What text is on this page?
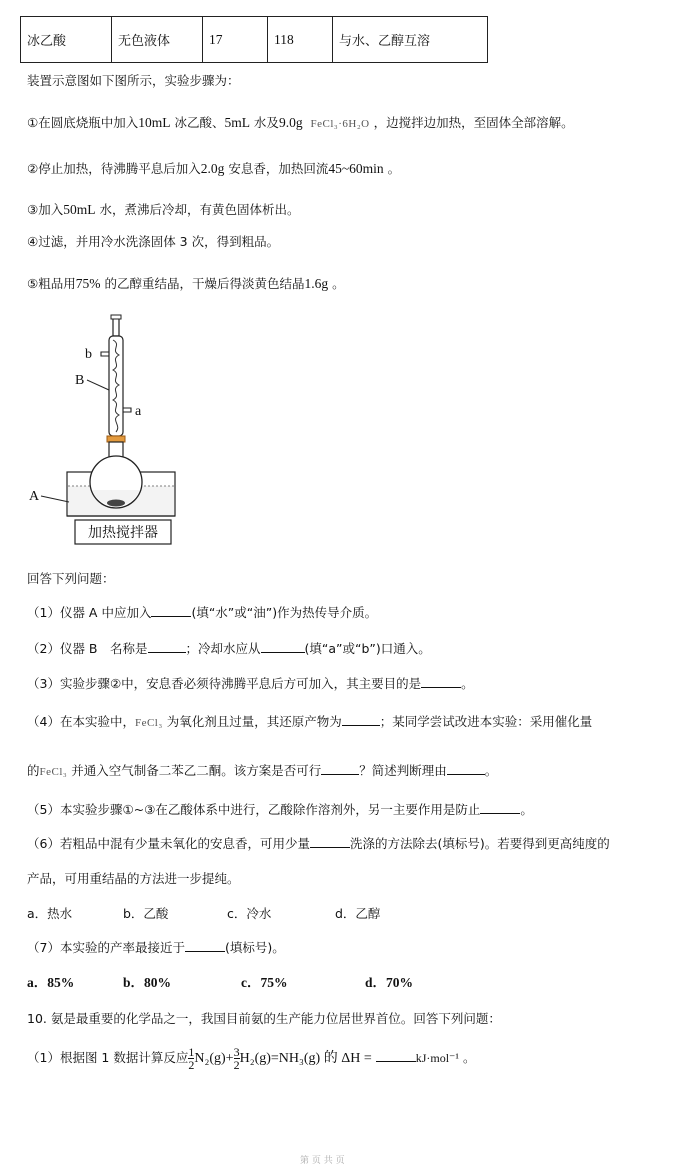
冰乙酸	无色液体	17	118	与水、乙醇互溶
装置示意图如下图所示，实验步骤为：
①在圆底烧瓶中加入10mL 冰乙酸、5mL 水及9.0g FeCl₃·6H₂O ，边搅拌边加热，至固体全部溶解。
②停止加热，待沸腾平息后加入2.0g 安息香，加热回流45~60min 。
③加入50mL 水，煮沸后冷却，有黄色固体析出。
④过滤，并用冷水洗涤固体 3 次，得到粗品。
⑤粗品用75% 的乙醇重结晶，干燥后得淡黄色结晶1.6g 。
加热搅拌器
b
B
a
A
回答下列问题：
（1）仪器 A 中应加入	(填“水”或“油”)作为热传导介质。
（2）仪器 B　名称是	；冷却水应从	(填“a”或“b”)口通入。
（3）实验步骤②中，安息香必须待沸腾平息后方可加入，其主要目的是	。
（4）在本实验中，FeCl₃ 为氧化剂且过量，其还原产物为	；某同学尝试改进本实验：采用催化量
的FeCl₃ 并通入空气制备二苯乙二酮。该方案是否可行	？简述判断理由	。
（5）本实验步骤①~③在乙酸体系中进行，乙酸除作溶剂外，另一主要作用是防止	。
（6）若粗品中混有少量未氧化的安息香，可用少量	洗涤的方法除去(填标号)。若要得到更高纯度的
产品，可用重结晶的方法进一步提纯。
a．热水	b．乙酸	c．冷水	d．乙醇
（7）本实验的产率最接近于	(填标号)。
a．85%	b．80%	c．75%	d．70%
10. 氨是最重要的化学品之一，我国目前氨的生产能力位居世界首位。回答下列问题：
（1）根据图 1 数据计算反应 $\frac{1}{2} N_2(g)+ \frac{3}{2} H_2(g)=NH_3(g)$ 的 ΔH =	kJ·mol⁻¹ 。
第 页 共 页
